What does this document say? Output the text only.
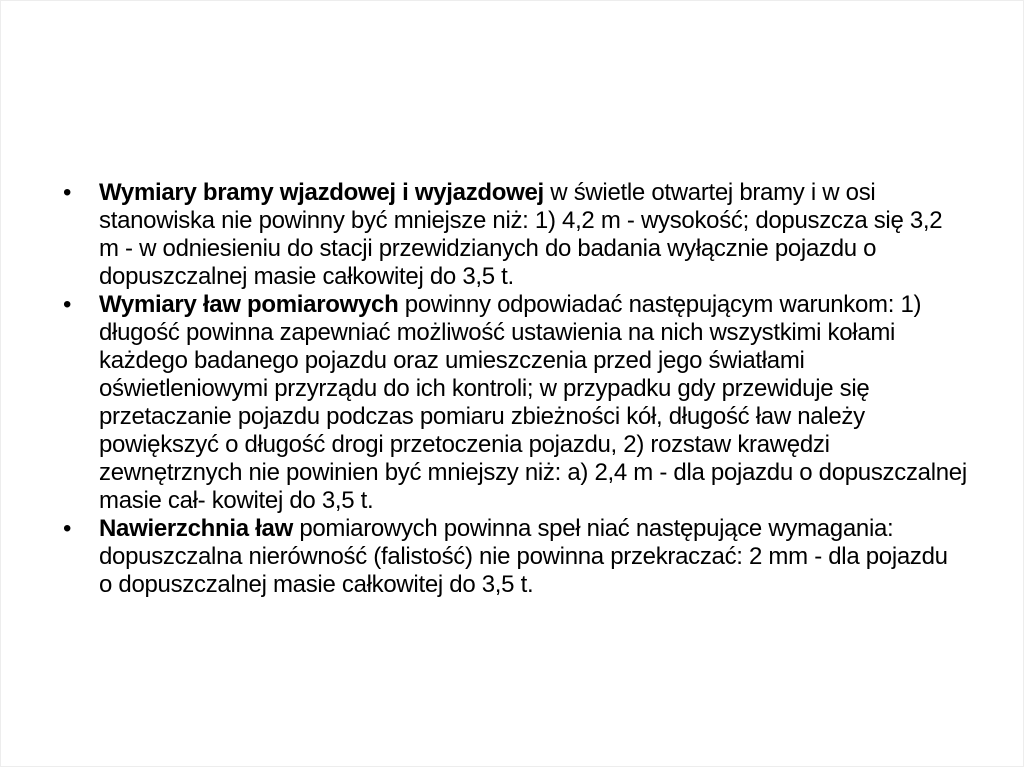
• Wymiary bramy wjazdowej i wyjazdowej w świetle otwartej bramy i w osi stanowiska nie powinny być mniejsze niż: 1) 4,2 m - wysokość; dopuszcza się 3,2 m - w odniesieniu do stacji przewidzianych do badania wyłącznie pojazdu o dopuszczalnej masie całkowitej do 3,5 t.
• Wymiary ław pomiarowych powinny odpowiadać następującym warunkom: 1) długość powinna zapewniać możliwość ustawienia na nich wszystkimi kołami każdego badanego pojazdu oraz umieszczenia przed jego światłami oświetleniowymi przyrządu do ich kontroli; w przypadku gdy przewiduje się przetaczanie pojazdu podczas pomiaru zbieżności kół, długość ław należy powiększyć o długość drogi przetoczenia pojazdu, 2) rozstaw krawędzi zewnętrznych nie powinien być mniejszy niż: a) 2,4 m - dla pojazdu o dopuszczalnej masie cał- kowitej do 3,5 t.
• Nawierzchnia ław pomiarowych powinna speł niać następujące wymagania: dopuszczalna nierówność (falistość) nie powinna przekraczać: 2 mm - dla pojazdu o dopuszczalnej masie całkowitej do 3,5 t.
